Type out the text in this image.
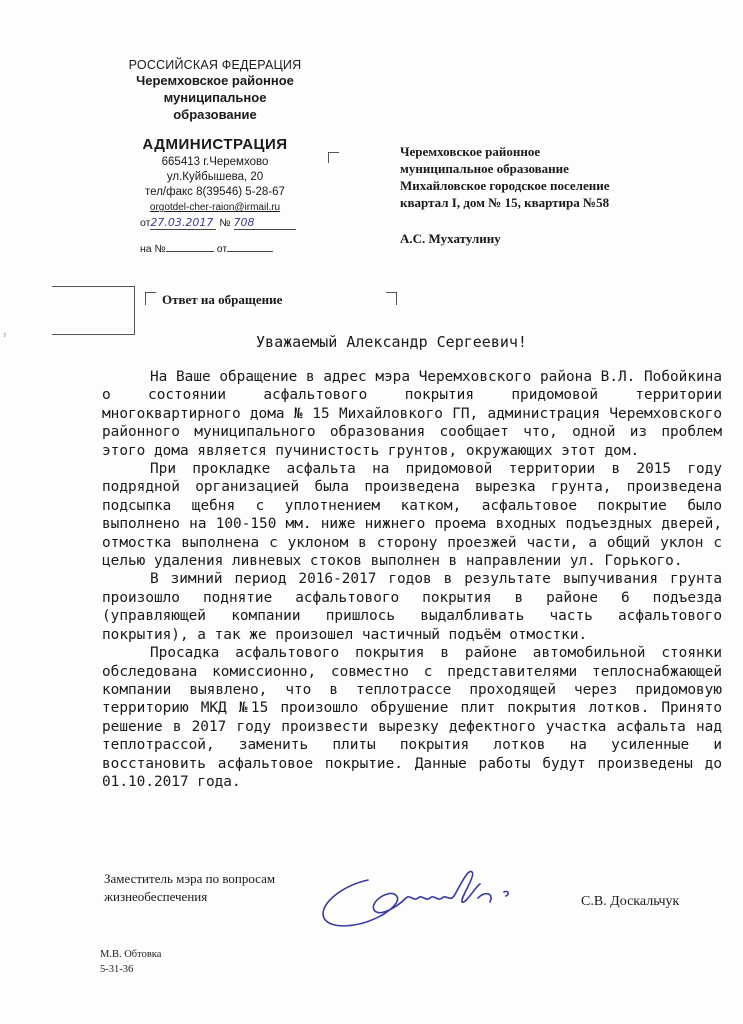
РОССИЙСКАЯ ФЕДЕРАЦИЯ
Черемховское районное
муниципальное
образование
АДМИНИСТРАЦИЯ
665413 г.Черемхово
ул.Куйбышева, 20
тел/факс 8(39546) 5-28-67
orgotdel-cher-raion@irmail.ru
от27.03.2017 № 708
на №	от
Черемховское районное
муниципальное образование
Михайловское городское поселение
квартал I, дом № 15, квартира №58
А.С. Мухатулину
Ответ на обращение
⁷	Уважаемый Александр Сергеевич!

На Ваше обращение в адрес мэра Черемховского района В.Л. Побойкина о состоянии асфальтового покрытия придомовой территории многоквартирного дома № 15 Михайловкого ГП, администрация Черемховского районного муниципального образования сообщает что, одной из проблем этого дома является пучинистость грунтов, окружающих этот дом.

При прокладке асфальта на придомовой территории в 2015 году подрядной организацией была произведена вырезка грунта, произведена подсыпка щебня с уплотнением катком, асфальтовое покрытие было выполнено на 100-150 мм. ниже нижнего проема входных подъездных дверей, отмостка выполнена с уклоном в сторону проезжей части, а общий уклон с целью удаления ливневых стоков выполнен в направлении ул. Горького.

В зимний период 2016-2017 годов в результате выпучивания грунта произошло поднятие асфальтового покрытия в районе 6 подъезда (управляющей компании пришлось выдалбливать часть асфальтового покрытия), а так же произошел частичный подъём отмостки.

Просадка асфальтового покрытия в районе автомобильной стоянки обследована комиссионно, совместно с представителями теплоснабжающей компании выявлено, что в теплотрассе проходящей через придомовую территорию МКД №15 произошло обрушение плит покрытия лотков. Принято решение в 2017 году произвести вырезку дефектного участка асфальта над теплотрассой, заменить плиты покрытия лотков на усиленные и восстановить асфальтовое покрытие. Данные работы будут произведены до 01.10.2017 года.

Заместитель мэра по вопросам
жизнеобеспечения	С.В. Доскальчук
М.В. Обтовка
5-31-36
